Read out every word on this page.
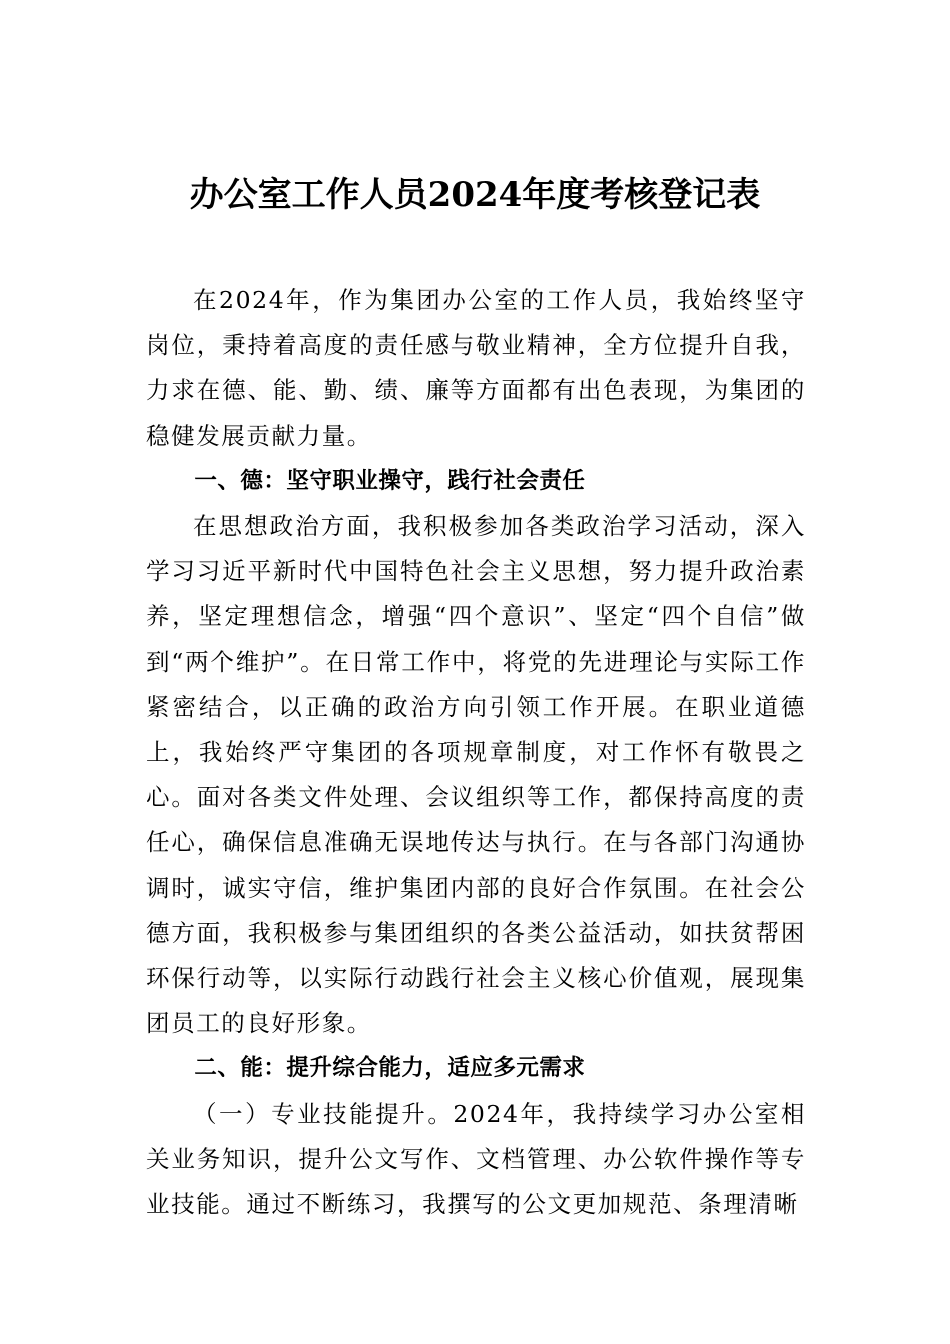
办公室工作人员2024年度考核登记表

在2024年，作为集团办公室的工作人员，我始终坚守岗位，秉持着高度的责任感与敬业精神，全方位提升自我，力求在德、能、勤、绩、廉等方面都有出色表现，为集团的稳健发展贡献力量。

一、德：坚守职业操守，践行社会责任

在思想政治方面，我积极参加各类政治学习活动，深入学习习近平新时代中国特色社会主义思想，努力提升政治素养，坚定理想信念，增强“四个意识”、坚定“四个自信”做到“两个维护”。在日常工作中，将党的先进理论与实际工作紧密结合，以正确的政治方向引领工作开展。在职业道德上，我始终严守集团的各项规章制度，对工作怀有敬畏之心。面对各类文件处理、会议组织等工作，都保持高度的责任心，确保信息准确无误地传达与执行。在与各部门沟通协调时，诚实守信，维护集团内部的良好合作氛围。在社会公德方面，我积极参与集团组织的各类公益活动，如扶贫帮困环保行动等，以实际行动践行社会主义核心价值观，展现集团员工的良好形象。

二、能：提升综合能力，适应多元需求

（一）专业技能提升。2024年，我持续学习办公室相关业务知识，提升公文写作、文档管理、办公软件操作等专业技能。通过不断练习，我撰写的公文更加规范、条理清晰
